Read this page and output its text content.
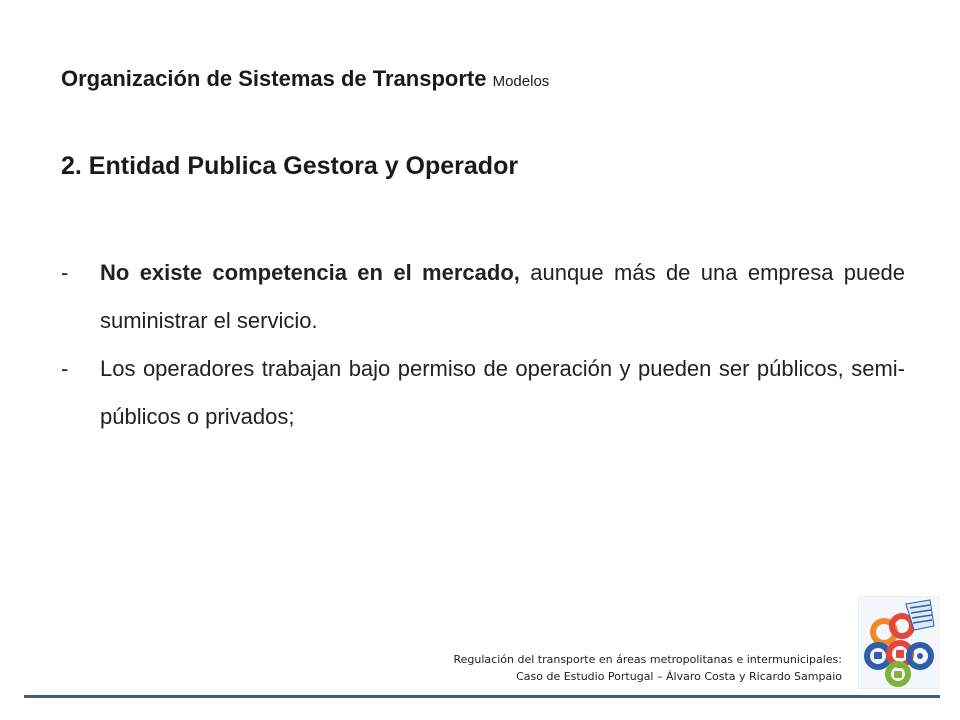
Organización de Sistemas de Transporte Modelos
2. Entidad Publica Gestora y Operador
- No existe competencia en el mercado, aunque más de una empresa puede suministrar el servicio.
- Los operadores trabajan bajo permiso de operación y pueden ser públicos, semi-públicos o privados;
Regulación del transporte en áreas metropolitanas e intermunicipales:
Caso de Estudio Portugal – Álvaro Costa y Ricardo Sampaio
